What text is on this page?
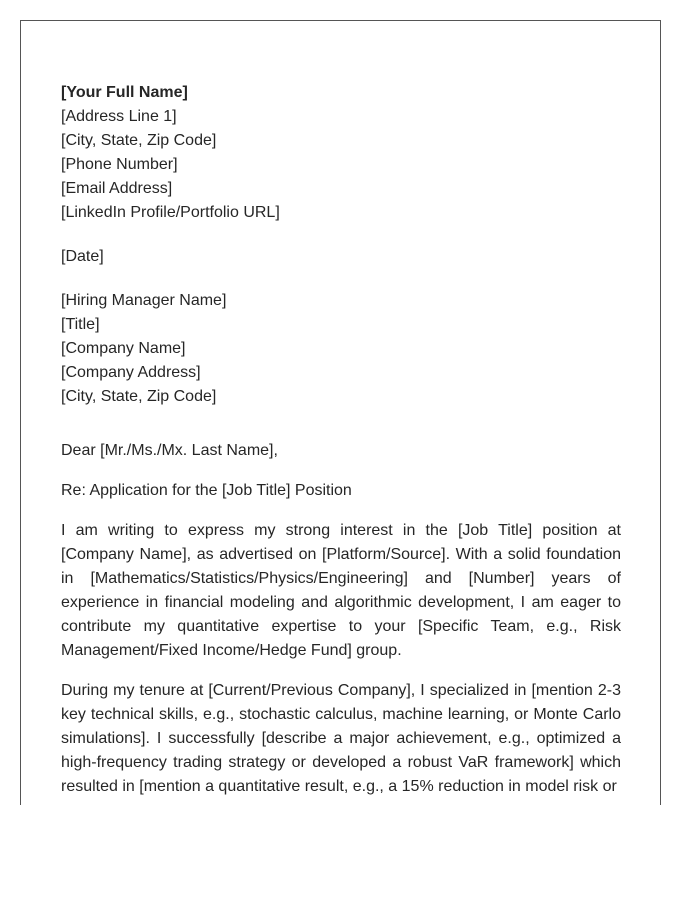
[Your Full Name]
[Address Line 1]
[City, State, Zip Code]
[Phone Number]
[Email Address]
[LinkedIn Profile/Portfolio URL]
[Date]
[Hiring Manager Name]
[Title]
[Company Name]
[Company Address]
[City, State, Zip Code]
Dear [Mr./Ms./Mx. Last Name],
Re: Application for the [Job Title] Position

I am writing to express my strong interest in the [Job Title] position at [Company Name], as advertised on [Platform/Source]. With a solid foundation in [Mathematics/Statistics/Physics/Engineering] and [Number] years of experience in financial modeling and algorithmic development, I am eager to contribute my quantitative expertise to your [Specific Team, e.g., Risk Management/Fixed Income/Hedge Fund] group.

During my tenure at [Current/Previous Company], I specialized in [mention 2-3 key technical skills, e.g., stochastic calculus, machine learning, or Monte Carlo simulations]. I successfully [describe a major achievement, e.g., optimized a high-frequency trading strategy or developed a robust VaR framework] which resulted in [mention a quantitative result, e.g., a 15% reduction in model risk or
